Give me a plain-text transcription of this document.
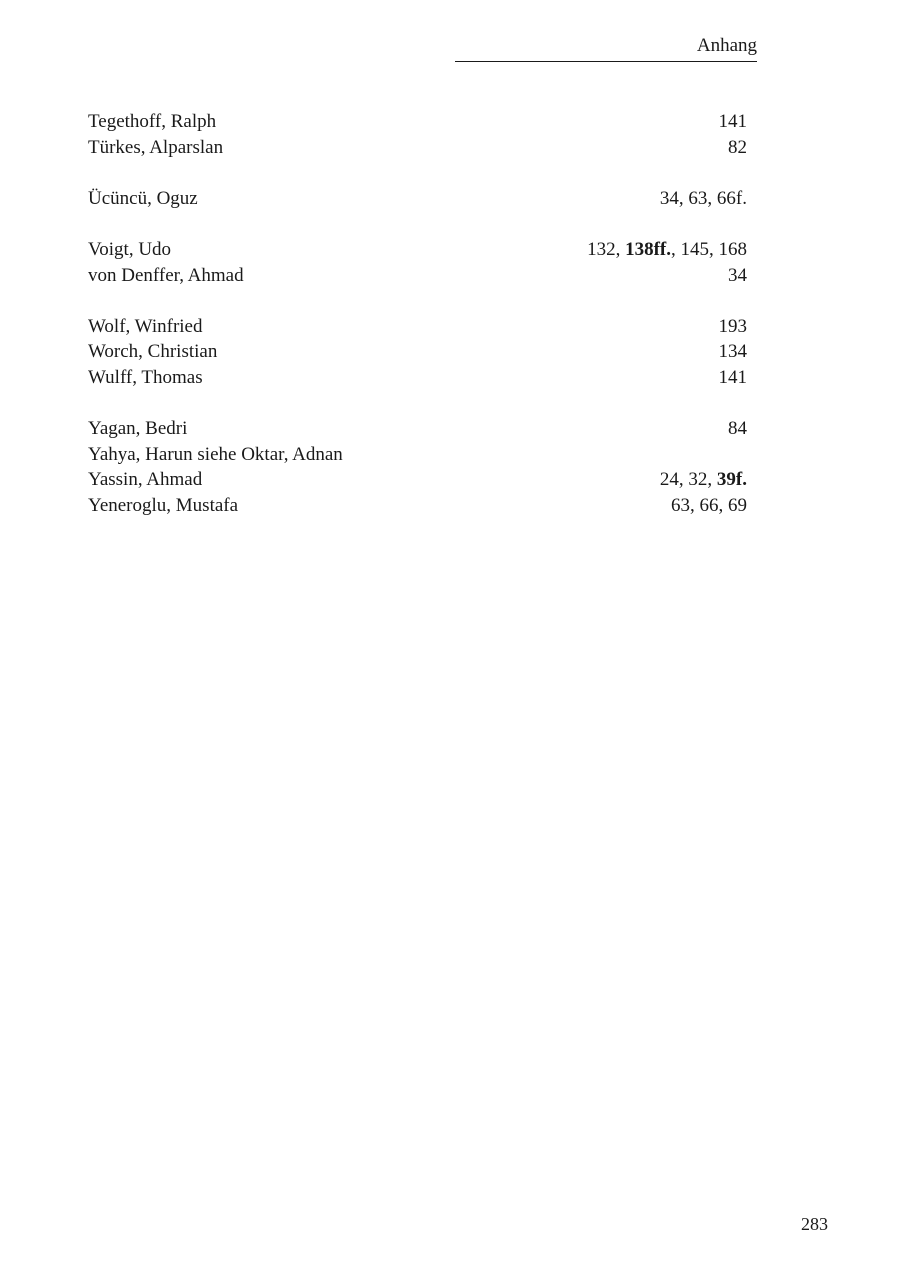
Anhang
Tegethoff, Ralph	141
Türkes, Alparslan	82
Ücüncü, Oguz	34, 63, 66f.
Voigt, Udo	132, 138ff., 145, 168
von Denffer, Ahmad	34
Wolf, Winfried	193
Worch, Christian	134
Wulff, Thomas	141
Yagan, Bedri	84
Yahya, Harun siehe Oktar, Adnan
Yassin, Ahmad	24, 32, 39f.
Yeneroglu, Mustafa	63, 66, 69
283
